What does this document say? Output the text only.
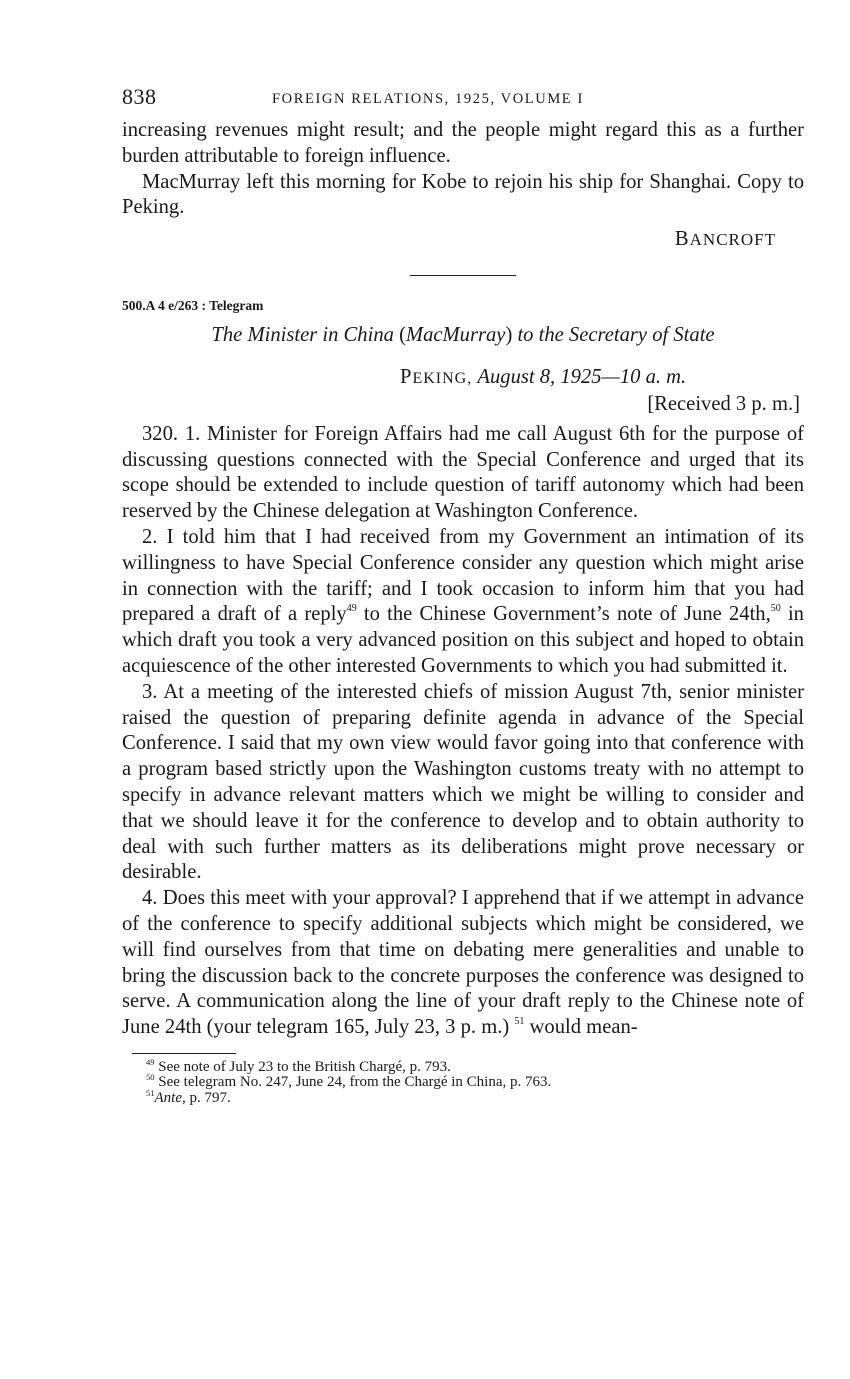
838	FOREIGN RELATIONS, 1925, VOLUME I

increasing revenues might result; and the people might regard this as a further burden attributable to foreign influence.

MacMurray left this morning for Kobe to rejoin his ship for Shanghai. Copy to Peking.

BANCROFT
500.A 4 e/263 : Telegram
The Minister in China (MacMurray) to the Secretary of State
PEKING, August 8, 1925—10 a. m.
[Received 3 p. m.]

320. 1. Minister for Foreign Affairs had me call August 6th for the purpose of discussing questions connected with the Special Conference and urged that its scope should be extended to include question of tariff autonomy which had been reserved by the Chinese delegation at Washington Conference.

2. I told him that I had received from my Government an intimation of its willingness to have Special Conference consider any question which might arise in connection with the tariff; and I took occasion to inform him that you had prepared a draft of a reply$^{49}$ to the Chinese Government’s note of June 24th,$^{50}$ in which draft you took a very advanced position on this subject and hoped to obtain acquiescence of the other interested Governments to which you had submitted it.

3. At a meeting of the interested chiefs of mission August 7th, senior minister raised the question of preparing definite agenda in advance of the Special Conference. I said that my own view would favor going into that conference with a program based strictly upon the Washington customs treaty with no attempt to specify in advance relevant matters which we might be willing to consider and that we should leave it for the conference to develop and to obtain authority to deal with such further matters as its deliberations might prove necessary or desirable.

4. Does this meet with your approval? I apprehend that if we attempt in advance of the conference to specify additional subjects which might be considered, we will find ourselves from that time on debating mere generalities and unable to bring the discussion back to the concrete purposes the conference was designed to serve. A communication along the line of your draft reply to the Chinese note of June 24th (your telegram 165, July 23, 3 p. m.) $^{51}$ would mean-

$^{49}$ See note of July 23 to the British Chargé, p. 793.
$^{50}$ See telegram No. 247, June 24, from the Chargé in China, p. 763.
$^{51}$Ante, p. 797.
